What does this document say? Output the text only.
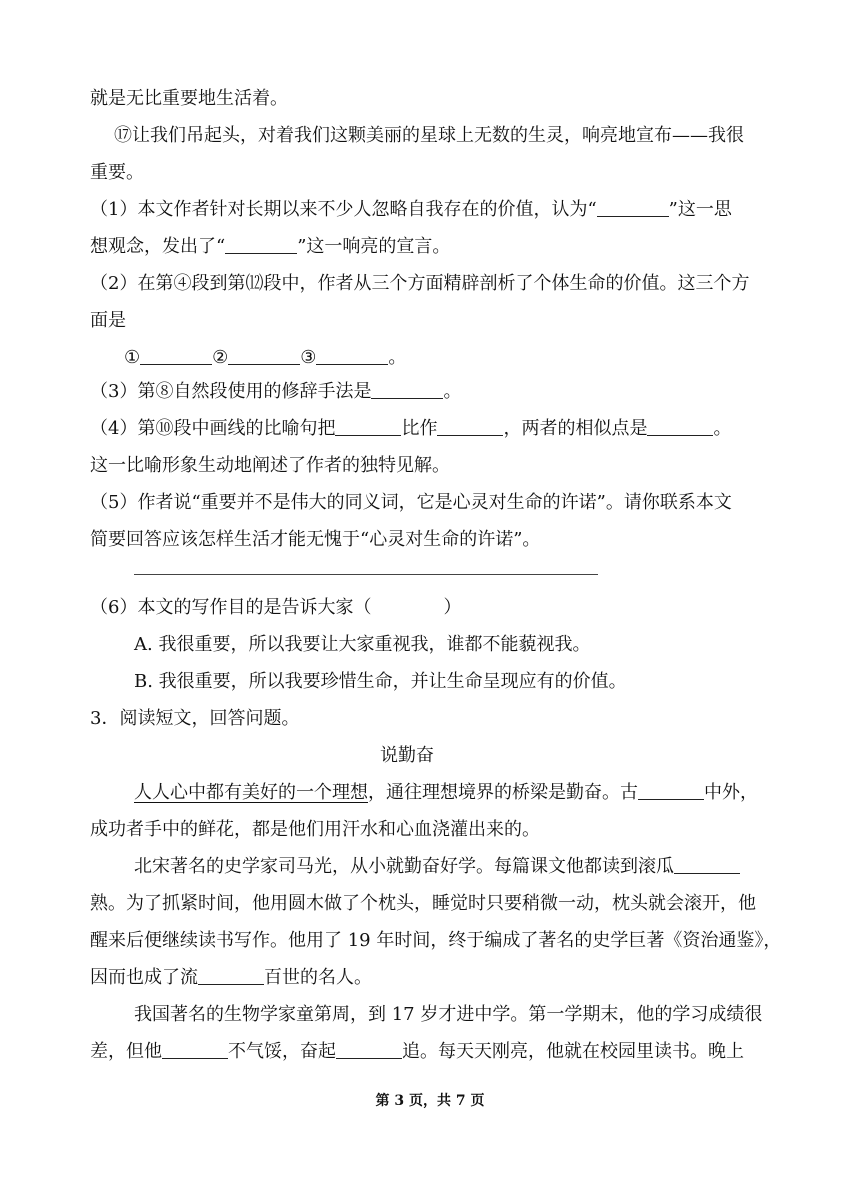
就是无比重要地生活着。
⑰让我们吊起头，对着我们这颗美丽的星球上无数的生灵，响亮地宣布——我很
重要。
（1）本文作者针对长期以来不少人忽略自我存在的价值，认为“	”这一思
想观念，发出了“	”这一响亮的宣言。
（2）在第④段到第⑿段中，作者从三个方面精辟剖析了个体生命的价值。这三个方
面是
①	②	③	。
（3）第⑧自然段使用的修辞手法是	。
（4）第⑩段中画线的比喻句把	比作	，两者的相似点是	。
这一比喻形象生动地阐述了作者的独特见解。
（5）作者说“重要并不是伟大的同义词，它是心灵对生命的许诺”。请你联系本文
简要回答应该怎样生活才能无愧于“心灵对生命的许诺”。
（6）本文的写作目的是告诉大家（　　　　）
A. 我很重要，所以我要让大家重视我，谁都不能藐视我。
B. 我很重要，所以我要珍惜生命，并让生命呈现应有的价值。
3．阅读短文，回答问题。
说勤奋
人人心中都有美好的一个理想，通往理想境界的桥梁是勤奋。古	中外，
成功者手中的鲜花，都是他们用汗水和心血浇灌出来的。
北宋著名的史学家司马光，从小就勤奋好学。每篇课文他都读到滚瓜
熟。为了抓紧时间，他用圆木做了个枕头，睡觉时只要稍微一动，枕头就会滚开，他
醒来后便继续读书写作。他用了 19 年时间，终于编成了著名的史学巨著《资治通鉴》，
因而也成了流	百世的名人。
我国著名的生物学家童第周，到 17 岁才进中学。第一学期末，他的学习成绩很
差，但他	不气馁，奋起	追。每天天刚亮，他就在校园里读书。晚上
第 3 页，共 7 页
